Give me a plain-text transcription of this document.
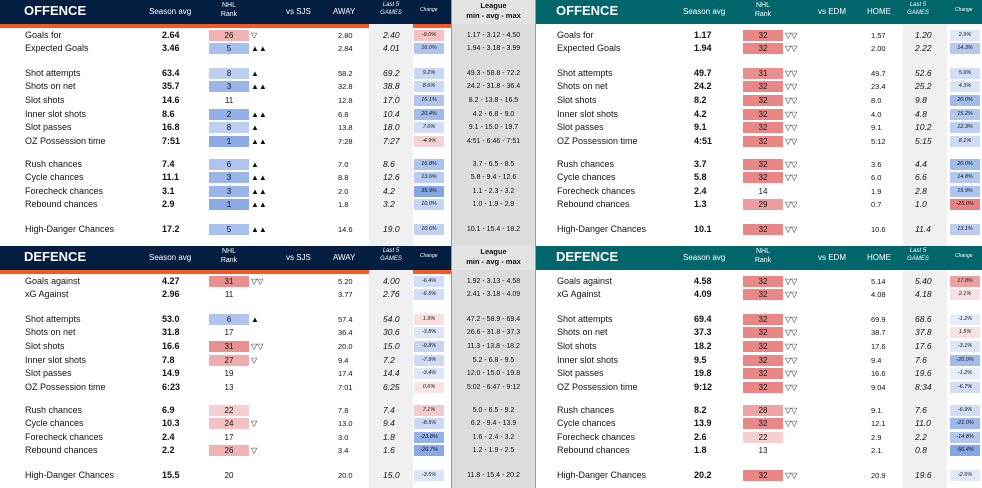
OFFENCE	Season avg
NHL
Rank	vs SJS	AWAY
Last 5
GAMES	Change	League
min - avg - max	OFFENCE	Season avg
NHL
Rank	vs EDM	HOME
Last 5
GAMES	Change
DEFENCE	Season avg
NHL
Rank	vs SJS	AWAY
Last 5
GAMES	Change	League
min - avg - max	DEFENCE	Season avg
NHL
Rank	vs EDM	HOME
Last 5
GAMES	Change
Goals for	2.64	26	▽	2.80	2.40	-9.0%	1.17 - 3.12 - 4.50
Expected Goals	3.46	5	▲▲	2.84	4.01	16.0%	1.94 - 3.18 - 3.99
Shot attempts	63.4	8	▲	58.2	69.2	9.2%	49.3 - 58.8 - 72.2
Shots on net	35.7	3	▲▲	32.8	38.8	8.6%	24.2 - 31.8 - 36.4
Slot shots	14.6	11	12.8	17.0	16.1%	8.2 - 13.8 - 16.5
Inner slot shots	8.6	2	▲▲	6.8	10.4	20.4%	4.2 - 6.8 - 9.0
Slot passes	16.8	8	▲	13.8	18.0	7.0%	9.1 - 15.0 - 19.7
OZ Possession time	7:51	1	▲▲	7:28	7:27	-4.9%	4:51 - 6:46 - 7:51
Rush chances	7.4	6	▲	7.0	8.6	16.8%	3.7 - 6.5 - 8.5
Cycle chances	11.1	3	▲▲	8.8	12.6	13.6%	5.8 - 9.4 - 12.6
Forecheck chances	3.1	3	▲▲	2.0	4.2	35.9%	1.1 - 2.3 - 3.2
Rebound chances	2.9	1	▲▲	1.8	3.2	10.0%	1.0 - 1.9 - 2.9
High-Danger Chances	17.2	5	▲▲	14.6	19.0	10.6%	10.1 - 15.4 - 18.2
Goals for	1.17	32	▽▽	1.57	1.20	2.9%
Expected Goals	1.94	32	▽▽	2.00	2.22	14.3%
Shot attempts	49.7	31	▽▽	49.7	52.6	5.9%
Shots on net	24.2	32	▽▽	23.4	25.2	4.3%
Slot shots	8.2	32	▽▽	8.0	9.8	20.0%
Inner slot shots	4.2	32	▽▽	4.0	4.8	15.2%
Slot passes	9.1	32	▽▽	9.1	10.2	12.3%
OZ Possession time	4:51	32	▽▽	5:12	5:15	8.1%
Rush chances	3.7	32	▽▽	3.6	4.4	20.0%
Cycle chances	5.8	32	▽▽	6.0	6.6	14.8%
Forecheck chances	2.4	14	1.9	2.8	15.9%
Rebound chances	1.3	29	▽▽	0.7	1.0	-25.0%
High-Danger Chances	10.1	32	▽▽	10.6	11.4	13.1%
Goals against	4.27	31	▽▽	5.20	4.00	-6.4%	1.92 - 3.13 - 4.58
xG Against	2.96	11	3.77	2.76	-6.5%	2.41 - 3.18 - 4.09
Shot attempts	53.0	6	▲	57.4	54.0	1.9%	47.2 - 58.9 - 69.4
Shots on net	31.8	17	36.4	30.6	-3.8%	26.6 - 31.8 - 37.3
Slot shots	16.6	31	▽▽	20.0	15.0	-9.8%	11.3 - 13.8 - 18.2
Inner slot shots	7.8	27	▽	9.4	7.2	-7.9%	5.2 - 6.8 - 9.5
Slot passes	14.9	19	17.4	14.4	-3.4%	12.0 - 15.0 - 19.8
OZ Possession time	6:23	13	7:01	6:25	0.6%	5:02 - 6:47 - 9:12
Rush chances	6.9	22	7.8	7.4	7.1%	5.0 - 6.5 - 9.2
Cycle chances	10.3	24	▽	13.0	9.4	-8.5%	6.2 - 9.4 - 13.9
Forecheck chances	2.4	17	3.0	1.8	-23.8%	1.6 - 2.4 - 3.2
Rebound chances	2.2	26	▽	3.4	1.6	-26.7%	1.2 - 1.9 - 2.5
High-Danger Chances	15.5	20	20.0	15.0	-3.5%	11.8 - 15.4 - 20.2
Goals against	4.58	32	▽▽	5.14	5.40	17.8%
xG Against	4.09	32	▽▽	4.08	4.18	2.1%
Shot attempts	69.4	32	▽▽	69.9	68.6	-1.2%
Shots on net	37.3	32	▽▽	38.7	37.8	1.5%
Slot shots	18.2	32	▽▽	17.6	17.6	-3.1%
Inner slot shots	9.5	32	▽▽	9.4	7.6	-20.0%
Slot passes	19.8	32	▽▽	16.6	19.6	-1.2%
OZ Possession time	9:12	32	▽▽	9:04	8:34	-6.7%
Rush chances	8.2	28	▽▽	9.1	7.6	-6.9%
Cycle chances	13.9	32	▽▽	12.1	11.0	-21.0%
Forecheck chances	2.6	22	2.9	2.2	-14.8%
Rebound chances	1.8	13	2.1	0.8	-56.4%
High-Danger Chances	20.2	32	▽▽	20.9	19.6	-2.6%
